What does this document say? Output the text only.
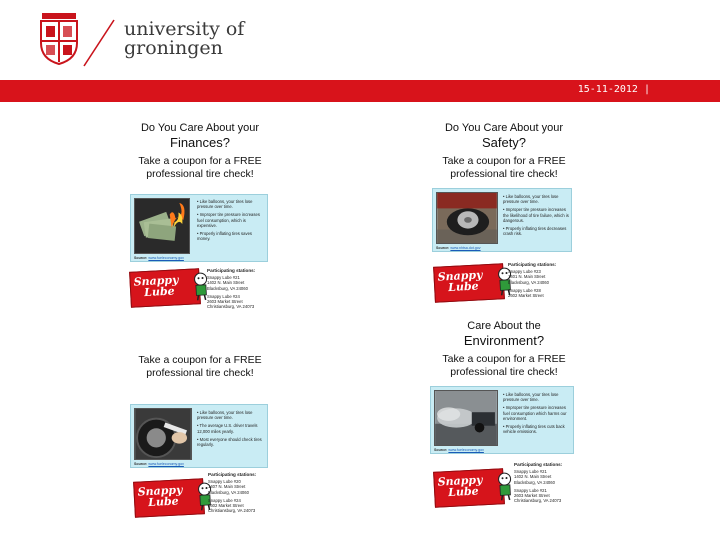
university of
groningen
15-11-2012 |
Do You Care About your
Finances?
Take a coupon for a FREE
professional tire check!
• Like balloons, your tires lose pressure over time.
• Improper tire pressure increases fuel consumption, which is expensive.
• Properly inflating tires saves money.
Source: www.fueleconomy.gov
Snappy
Lube
Participating stations:
Snappy Lube #21
1402 N. Main Street
Blacksburg, VA 24060
Snappy Lube #24
2603 Market Street
Christiansburg, VA 24073
Do You Care About your
Safety?
Take a coupon for a FREE
professional tire check!
• Like balloons, your tires lose pressure over time.
• Improper tire pressure increases the likelihood of tire failure, which is dangerous.
• Properly inflating tires decreases crash risk.
Source: www.nhtsa.dot.gov
Snappy
Lube
Participating stations:
Snappy Lube #23
1401 N. Main Street
Blacksburg, VA 24060
Snappy Lube #28
2602 Market Street
Take a coupon for a FREE
professional tire check!
• Like balloons, your tires lose pressure over time.
• The average U.S. driver travels 12,000 miles yearly.
• Most everyone should check tires regularly.
Source: www.fueleconomy.gov
Snappy
Lube
Participating stations:
Snappy Lube #20
1407 N. Main Street
Blacksburg, VA 24060
Snappy Lube #24
2602 Market Street
Christiansburg, VA 24073
Care About the
Environment?
Take a coupon for a FREE
professional tire check!
• Like balloons, your tires lose pressure over time.
• Improper tire pressure increases fuel consumption which harms our environment.
• Properly inflating tires cuts back vehicle emissions.
Source: www.fueleconomy.gov
Snappy
Lube
Participating stations:
Snappy Lube #21
1402 N. Main Street
Blacksburg, VA 24060
Snappy Lube #21
2603 Market Street
Christiansburg, VA 24073
